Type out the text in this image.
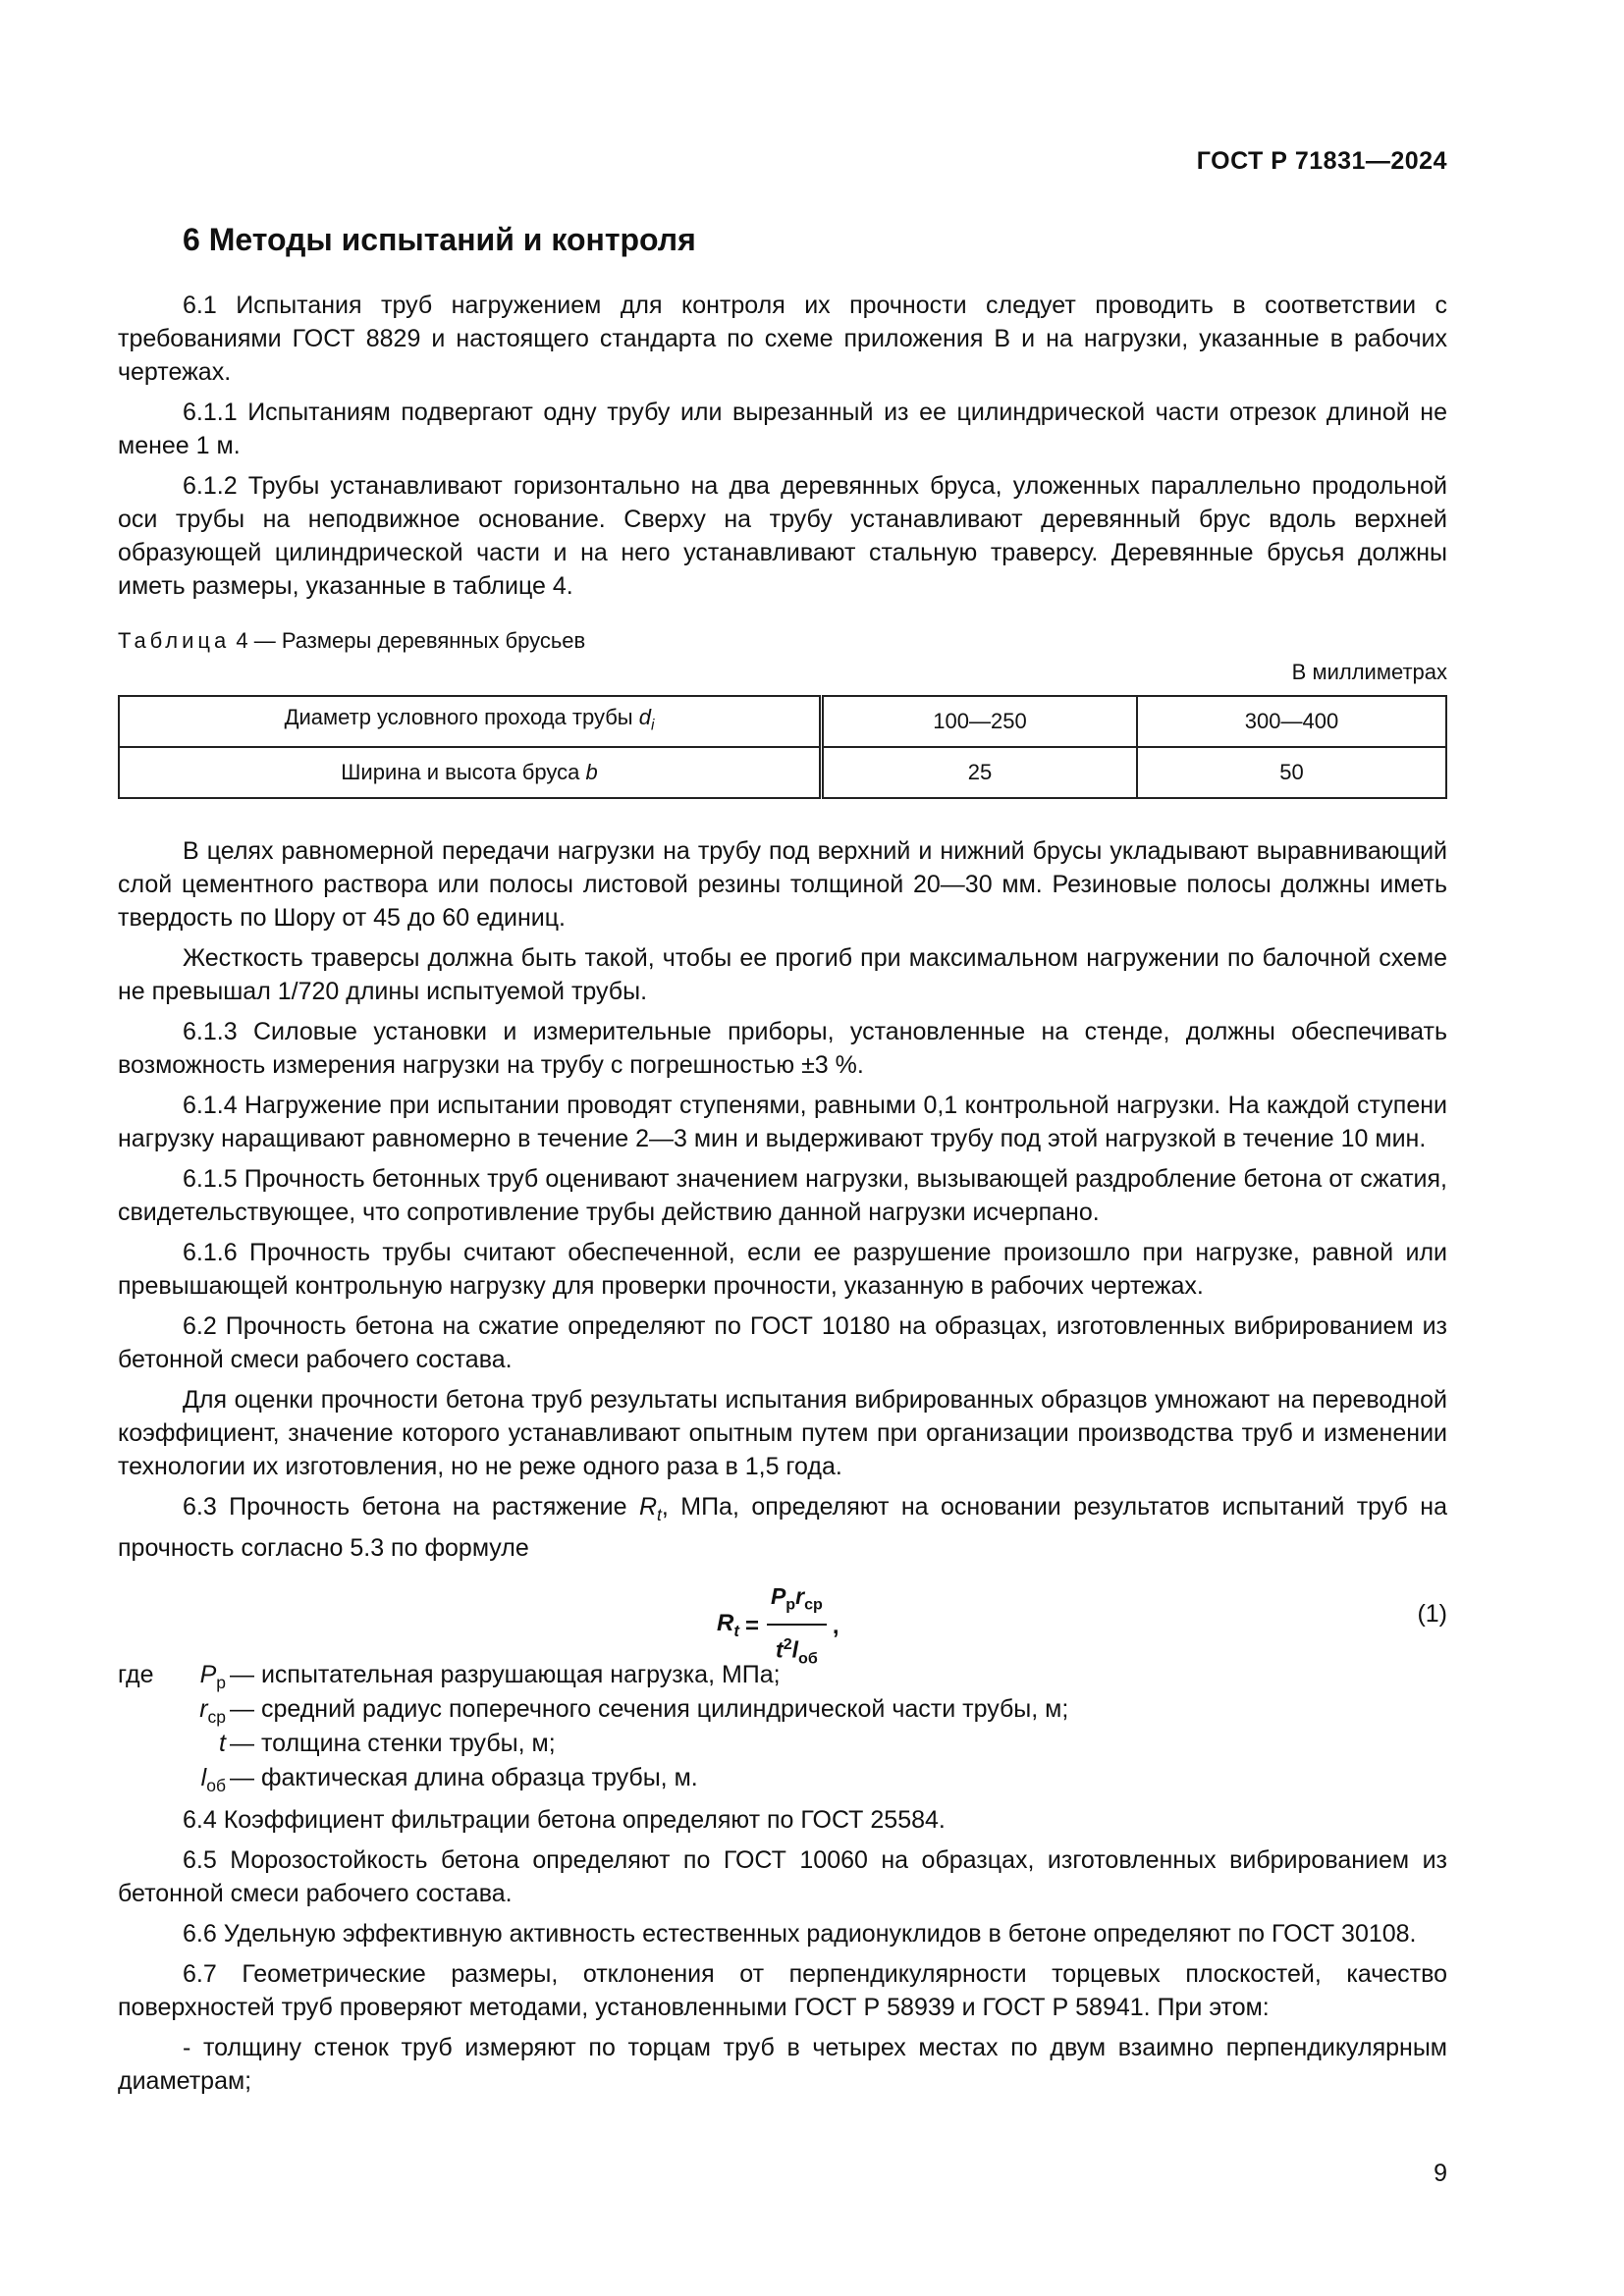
ГОСТ Р 71831—2024
6 Методы испытаний и контроля

6.1 Испытания труб нагружением для контроля их прочности следует проводить в соответствии с требованиями ГОСТ 8829 и настоящего стандарта по схеме приложения В и на нагрузки, указанные в рабочих чертежах.

6.1.1 Испытаниям подвергают одну трубу или вырезанный из ее цилиндрической части отрезок длиной не менее 1 м.

6.1.2 Трубы устанавливают горизонтально на два деревянных бруса, уложенных параллельно продольной оси трубы на неподвижное основание. Сверху на трубу устанавливают деревянный брус вдоль верхней образующей цилиндрической части и на него устанавливают стальную траверсу. Деревянные брусья должны иметь размеры, указанные в таблице 4.

Таблица 4 — Размеры деревянных брусьев
В миллиметрах
Диаметр условного прохода трубы $d_i$	100—250	300—400
Ширина и высота бруса b	25	50

В целях равномерной передачи нагрузки на трубу под верхний и нижний брусы укладывают выравнивающий слой цементного раствора или полосы листовой резины толщиной 20—30 мм. Резиновые полосы должны иметь твердость по Шору от 45 до 60 единиц.

Жесткость траверсы должна быть такой, чтобы ее прогиб при максимальном нагружении по балочной схеме не превышал 1/720 длины испытуемой трубы.

6.1.3 Силовые установки и измерительные приборы, установленные на стенде, должны обеспечивать возможность измерения нагрузки на трубу с погрешностью ±3 %.

6.1.4 Нагружение при испытании проводят ступенями, равными 0,1 контрольной нагрузки. На каждой ступени нагрузку наращивают равномерно в течение 2—3 мин и выдерживают трубу под этой нагрузкой в течение 10 мин.

6.1.5 Прочность бетонных труб оценивают значением нагрузки, вызывающей раздробление бетона от сжатия, свидетельствующее, что сопротивление трубы действию данной нагрузки исчерпано.

6.1.6 Прочность трубы считают обеспеченной, если ее разрушение произошло при нагрузке, равной или превышающей контрольную нагрузку для проверки прочности, указанную в рабочих чертежах.

6.2 Прочность бетона на сжатие определяют по ГОСТ 10180 на образцах, изготовленных вибрированием из бетонной смеси рабочего состава.

Для оценки прочности бетона труб результаты испытания вибрированных образцов умножают на переводной коэффициент, значение которого устанавливают опытным путем при организации производства труб и изменении технологии их изготовления, но не реже одного раза в 1,5 года.

6.3 Прочность бетона на растяжение $R_t$, МПа, определяют на основании результатов испытаний труб на прочность согласно 5.3 по формуле

$R_t = \frac{P_рr_{ср}}{t^2l_{об}}$ ,	(1)
где	$P_р$ — испытательная разрушающая нагрузка, МПа;
$r_{ср}$ — средний радиус поперечного сечения цилиндрической части трубы, м;
t — толщина стенки трубы, м;
$l_{об}$ — фактическая длина образца трубы, м.

6.4 Коэффициент фильтрации бетона определяют по ГОСТ 25584.

6.5 Морозостойкость бетона определяют по ГОСТ 10060 на образцах, изготовленных вибрированием из бетонной смеси рабочего состава.

6.6 Удельную эффективную активность естественных радионуклидов в бетоне определяют по ГОСТ 30108.

6.7 Геометрические размеры, отклонения от перпендикулярности торцевых плоскостей, качество поверхностей труб проверяют методами, установленными ГОСТ Р 58939 и ГОСТ Р 58941. При этом:

- толщину стенок труб измеряют по торцам труб в четырех местах по двум взаимно перпендикулярным диаметрам;

9
